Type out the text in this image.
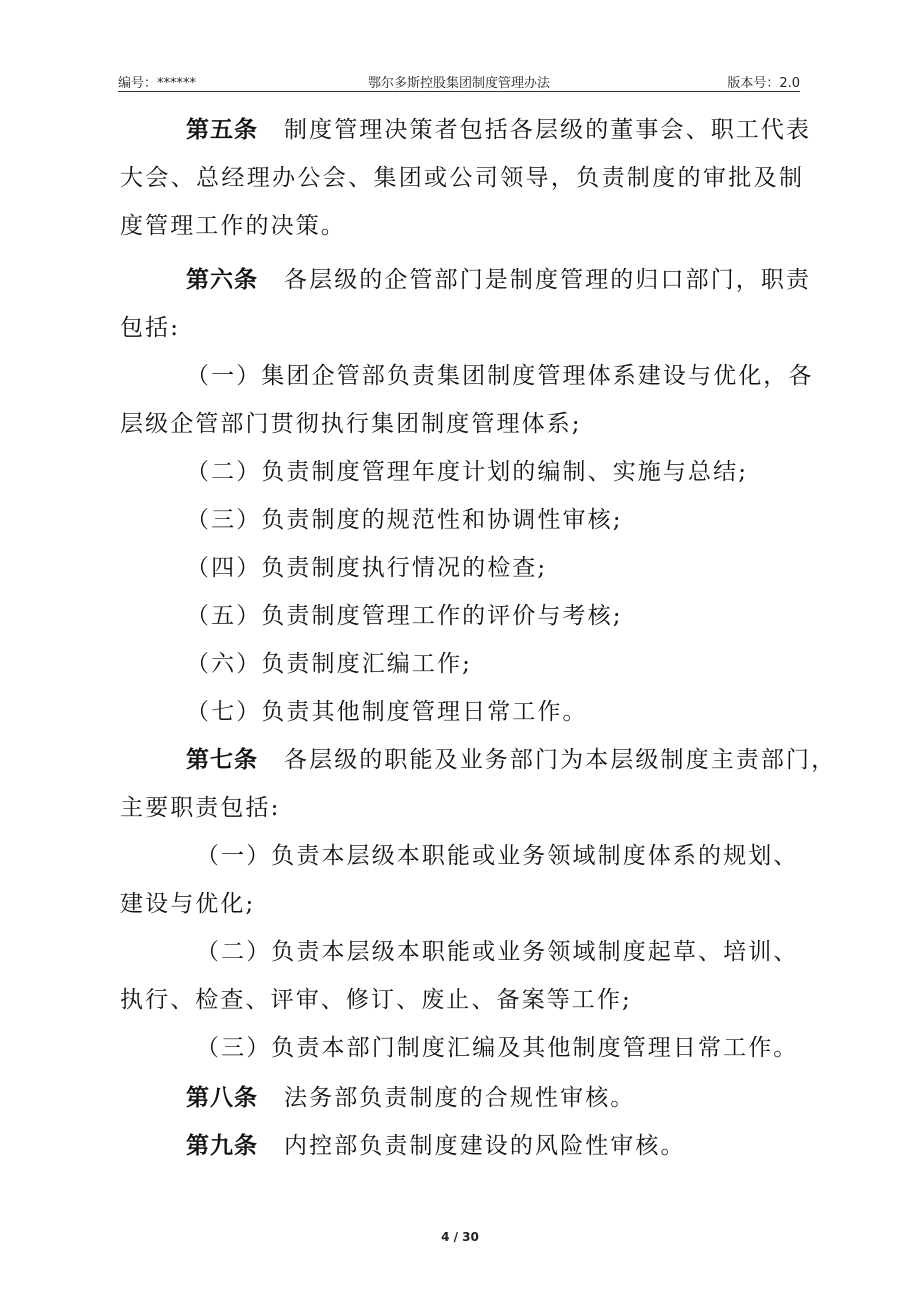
编号：******	鄂尔多斯控股集团制度管理办法	版本号：2.0
第五条 制度管理决策者包括各层级的董事会、职工代表
大会、总经理办公会、集团或公司领导，负责制度的审批及制
度管理工作的决策。
第六条 各层级的企管部门是制度管理的归口部门，职责
包括:
（一）集团企管部负责集团制度管理体系建设与优化，各
层级企管部门贯彻执行集团制度管理体系;
（二）负责制度管理年度计划的编制、实施与总结;
（三）负责制度的规范性和协调性审核;
（四）负责制度执行情况的检查;
（五）负责制度管理工作的评价与考核;
（六）负责制度汇编工作;
（七）负责其他制度管理日常工作。
第七条 各层级的职能及业务部门为本层级制度主责部门，
主要职责包括:
（一）负责本层级本职能或业务领域制度体系的规划、
建设与优化;
（二）负责本层级本职能或业务领域制度起草、培训、
执行、检查、评审、修订、废止、备案等工作;
（三）负责本部门制度汇编及其他制度管理日常工作。
第八条 法务部负责制度的合规性审核。
第九条 内控部负责制度建设的风险性审核。
4 / 30
